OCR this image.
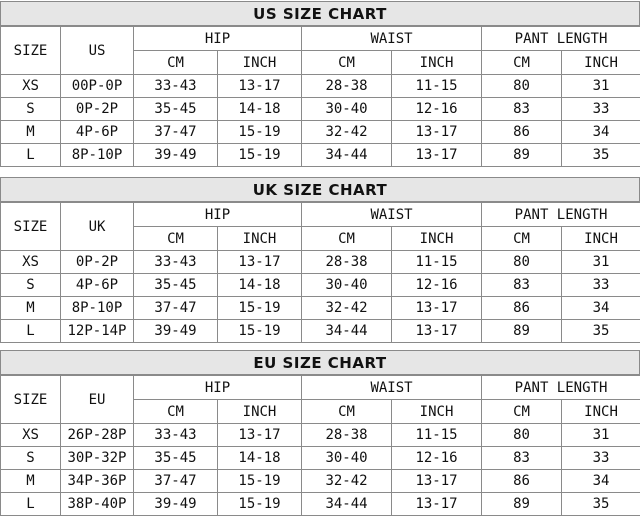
US SIZE CHART
SIZE	US	HIP		WAIST		PANT LENGTH	
		CM	INCH	CM	INCH	CM	INCH
XS	00P-0P	33-43	13-17	28-38	11-15	80	31
S	0P-2P	35-45	14-18	30-40	12-16	83	33
M	4P-6P	37-47	15-19	32-42	13-17	86	34
L	8P-10P	39-49	15-19	34-44	13-17	89	35
UK SIZE CHART
SIZE	UK	HIP		WAIST		PANT LENGTH	
		CM	INCH	CM	INCH	CM	INCH
XS	0P-2P	33-43	13-17	28-38	11-15	80	31
S	4P-6P	35-45	14-18	30-40	12-16	83	33
M	8P-10P	37-47	15-19	32-42	13-17	86	34
L	12P-14P	39-49	15-19	34-44	13-17	89	35
EU SIZE CHART
SIZE	EU	HIP		WAIST		PANT LENGTH	
		CM	INCH	CM	INCH	CM	INCH
XS	26P-28P	33-43	13-17	28-38	11-15	80	31
S	30P-32P	35-45	14-18	30-40	12-16	83	33
M	34P-36P	37-47	15-19	32-42	13-17	86	34
L	38P-40P	39-49	15-19	34-44	13-17	89	35
